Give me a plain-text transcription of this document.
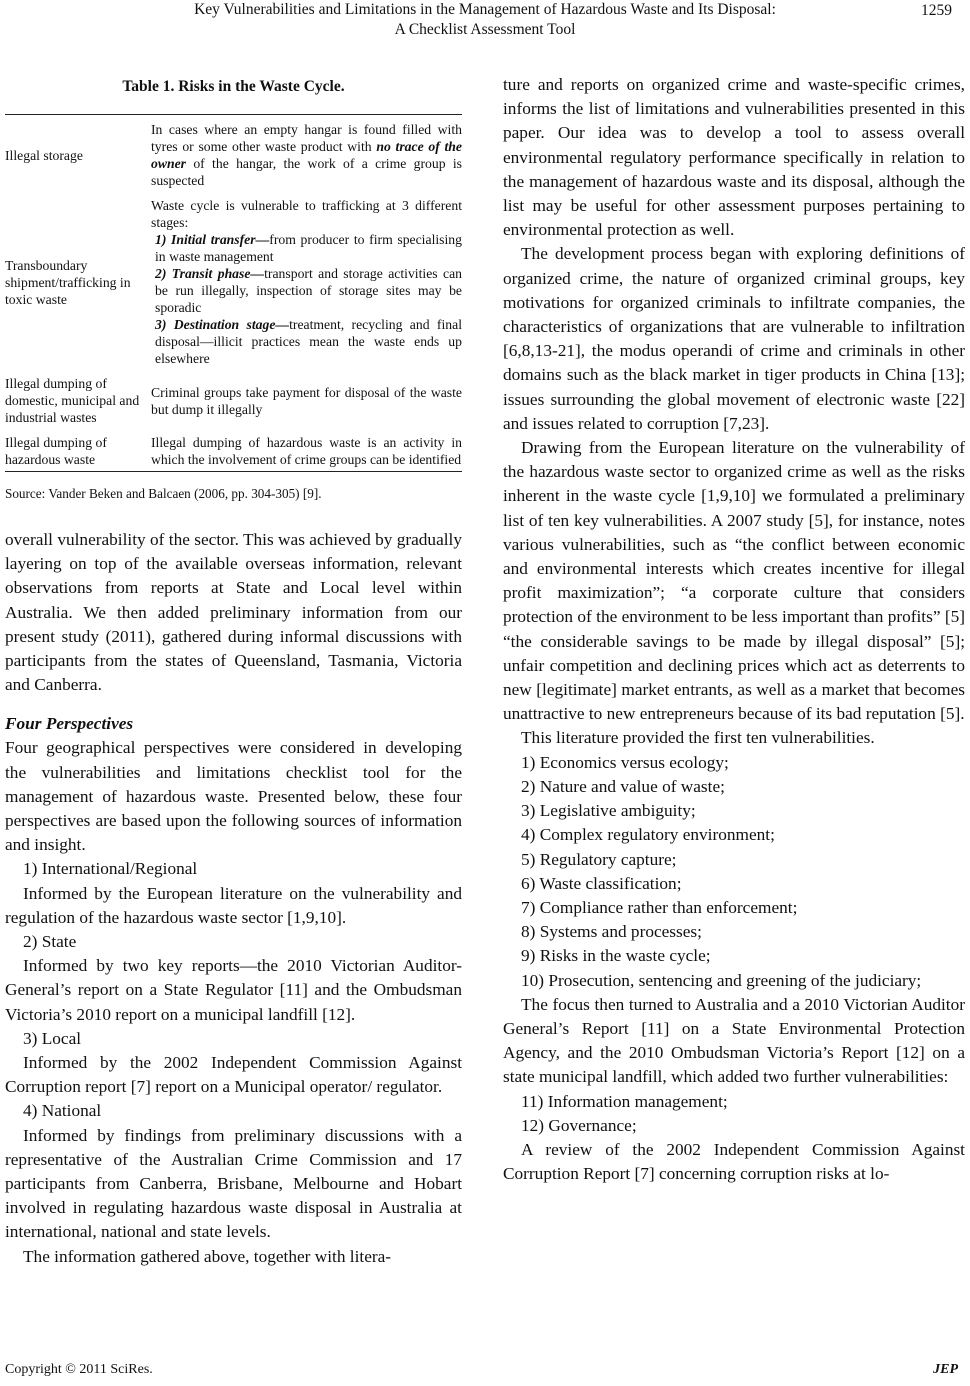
Key Vulnerabilities and Limitations in the Management of Hazardous Waste and Its Disposal:
A Checklist Assessment Tool
1259
Table 1. Risks in the Waste Cycle.
Illegal storage	In cases where an empty hangar is found filled with tyres or some other waste product with no trace of the owner of the hangar, the work of a crime group is suspected
Transboundary shipment/trafficking in toxic waste	Waste cycle is vulnerable to trafficking at 3 different stages:
1) Initial transfer—from producer to firm specialising in waste management
2) Transit phase—transport and storage activities can be run illegally, inspection of storage sites may be sporadic
3) Destination stage—treatment, recycling and final disposal—illicit practices mean the waste ends up elsewhere

Illegal dumping of domestic, municipal and industrial wastes	Criminal groups take payment for disposal of the waste but dump it illegally
Illegal dumping of hazardous waste	Illegal dumping of hazardous waste is an activity in which the involvement of crime groups can be identified
Source: Vander Beken and Balcaen (2006, pp. 304-305) [9].

overall vulnerability of the sector. This was achieved by gradually layering on top of the available overseas information, relevant observations from reports at State and Local level within Australia. We then added preliminary information from our present study (2011), gathered during informal discussions with participants from the states of Queensland, Tasmania, Victoria and Canberra.

Four Perspectives

Four geographical perspectives were considered in developing the vulnerabilities and limitations checklist tool for the management of hazardous waste. Presented below, these four perspectives are based upon the following sources of information and insight.

1) International/Regional

Informed by the European literature on the vulnerability and regulation of the hazardous waste sector [1,9,10].

2) State

Informed by two key reports—the 2010 Victorian Auditor-General’s report on a State Regulator [11] and the Ombudsman Victoria’s 2010 report on a municipal landfill [12].

3) Local

Informed by the 2002 Independent Commission Against Corruption report [7] report on a Municipal operator/ regulator.

4) National

Informed by findings from preliminary discussions with a representative of the Australian Crime Commission and 17 participants from Canberra, Brisbane, Melbourne and Hobart involved in regulating hazardous waste disposal in Australia at international, national and state levels.

The information gathered above, together with litera-

ture and reports on organized crime and waste-specific crimes, informs the list of limitations and vulnerabilities presented in this paper. Our idea was to develop a tool to assess overall environmental regulatory performance specifically in relation to the management of hazardous waste and its disposal, although the list may be useful for other assessment purposes pertaining to environmental protection as well.

The development process began with exploring definitions of organized crime, the nature of organized criminal groups, key motivations for organized criminals to infiltrate companies, the characteristics of organizations that are vulnerable to infiltration [6,8,13-21], the modus operandi of crime and criminals in other domains such as the black market in tiger products in China [13]; issues surrounding the global movement of electronic waste [22] and issues related to corruption [7,23].

Drawing from the European literature on the vulnerability of the hazardous waste sector to organized crime as well as the risks inherent in the waste cycle [1,9,10] we formulated a preliminary list of ten key vulnerabilities. A 2007 study [5], for instance, notes various vulnerabilities, such as “the conflict between economic and environmental interests which creates incentive for illegal profit maximization”; “a corporate culture that considers protection of the environment to be less important than profits” [5] “the considerable savings to be made by illegal disposal” [5]; unfair competition and declining prices which act as deterrents to new [legitimate] market entrants, as well as a market that becomes unattractive to new entrepreneurs because of its bad reputation [5].

This literature provided the first ten vulnerabilities.

1) Economics versus ecology;

2) Nature and value of waste;

3) Legislative ambiguity;

4) Complex regulatory environment;

5) Regulatory capture;

6) Waste classification;

7) Compliance rather than enforcement;

8) Systems and processes;

9) Risks in the waste cycle;

10) Prosecution, sentencing and greening of the judiciary;

The focus then turned to Australia and a 2010 Victorian Auditor General’s Report [11] on a State Environmental Protection Agency, and the 2010 Ombudsman Victoria’s Report [12] on a state municipal landfill, which added two further vulnerabilities:

11) Information management;

12) Governance;

A review of the 2002 Independent Commission Against Corruption Report [7] concerning corruption risks at lo-

Copyright © 2011 SciRes.	JEP
